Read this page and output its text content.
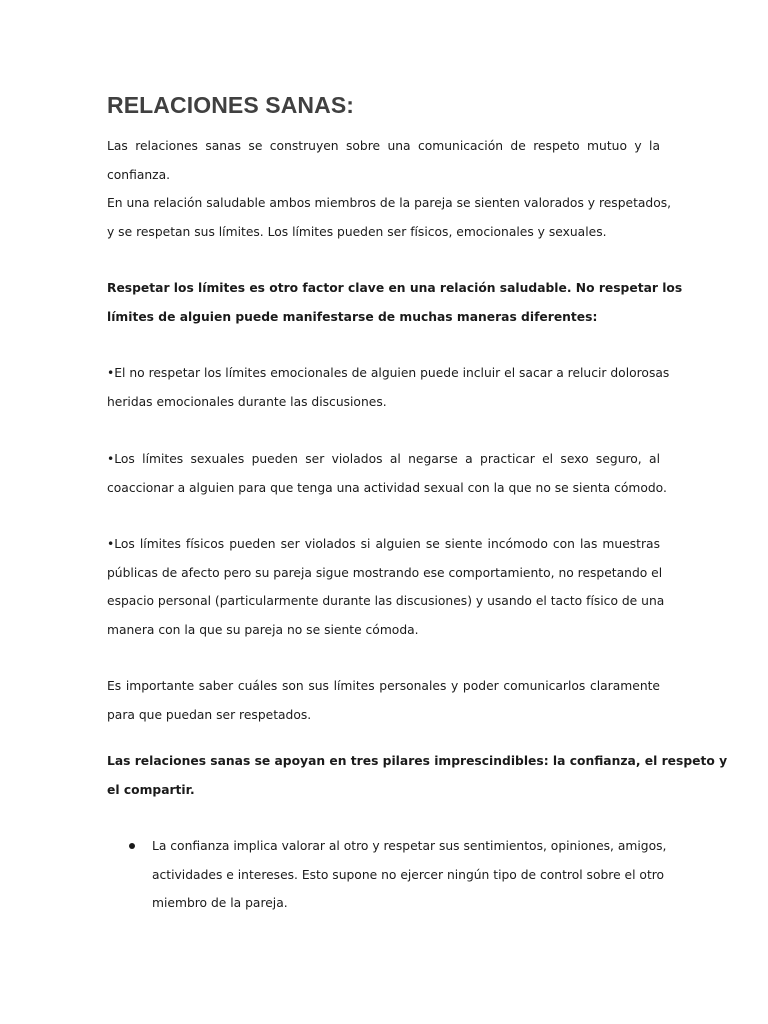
RELACIONES SANAS:
Las relaciones sanas se construyen sobre una comunicación de respeto mutuo y la
confianza.
En una relación saludable ambos miembros de la pareja se sienten valorados y respetados,
y se respetan sus límites. Los límites pueden ser físicos, emocionales y sexuales.
Respetar los límites es otro factor clave en una relación saludable. No respetar los
límites de alguien puede manifestarse de muchas maneras diferentes:
•El no respetar los límites emocionales de alguien puede incluir el sacar a relucir dolorosas
heridas emocionales durante las discusiones.
•Los límites sexuales pueden ser violados al negarse a practicar el sexo seguro, al
coaccionar a alguien para que tenga una actividad sexual con la que no se sienta cómodo.
•Los límites físicos pueden ser violados si alguien se siente incómodo con las muestras
públicas de afecto pero su pareja sigue mostrando ese comportamiento, no respetando el
espacio personal (particularmente durante las discusiones) y usando el tacto físico de una
manera con la que su pareja no se siente cómoda.
Es importante saber cuáles son sus límites personales y poder comunicarlos claramente
para que puedan ser respetados.
Las relaciones sanas se apoyan en tres pilares imprescindibles: la confianza, el respeto y
el compartir.
La confianza implica valorar al otro y respetar sus sentimientos, opiniones, amigos,
actividades e intereses. Esto supone no ejercer ningún tipo de control sobre el otro
miembro de la pareja.
